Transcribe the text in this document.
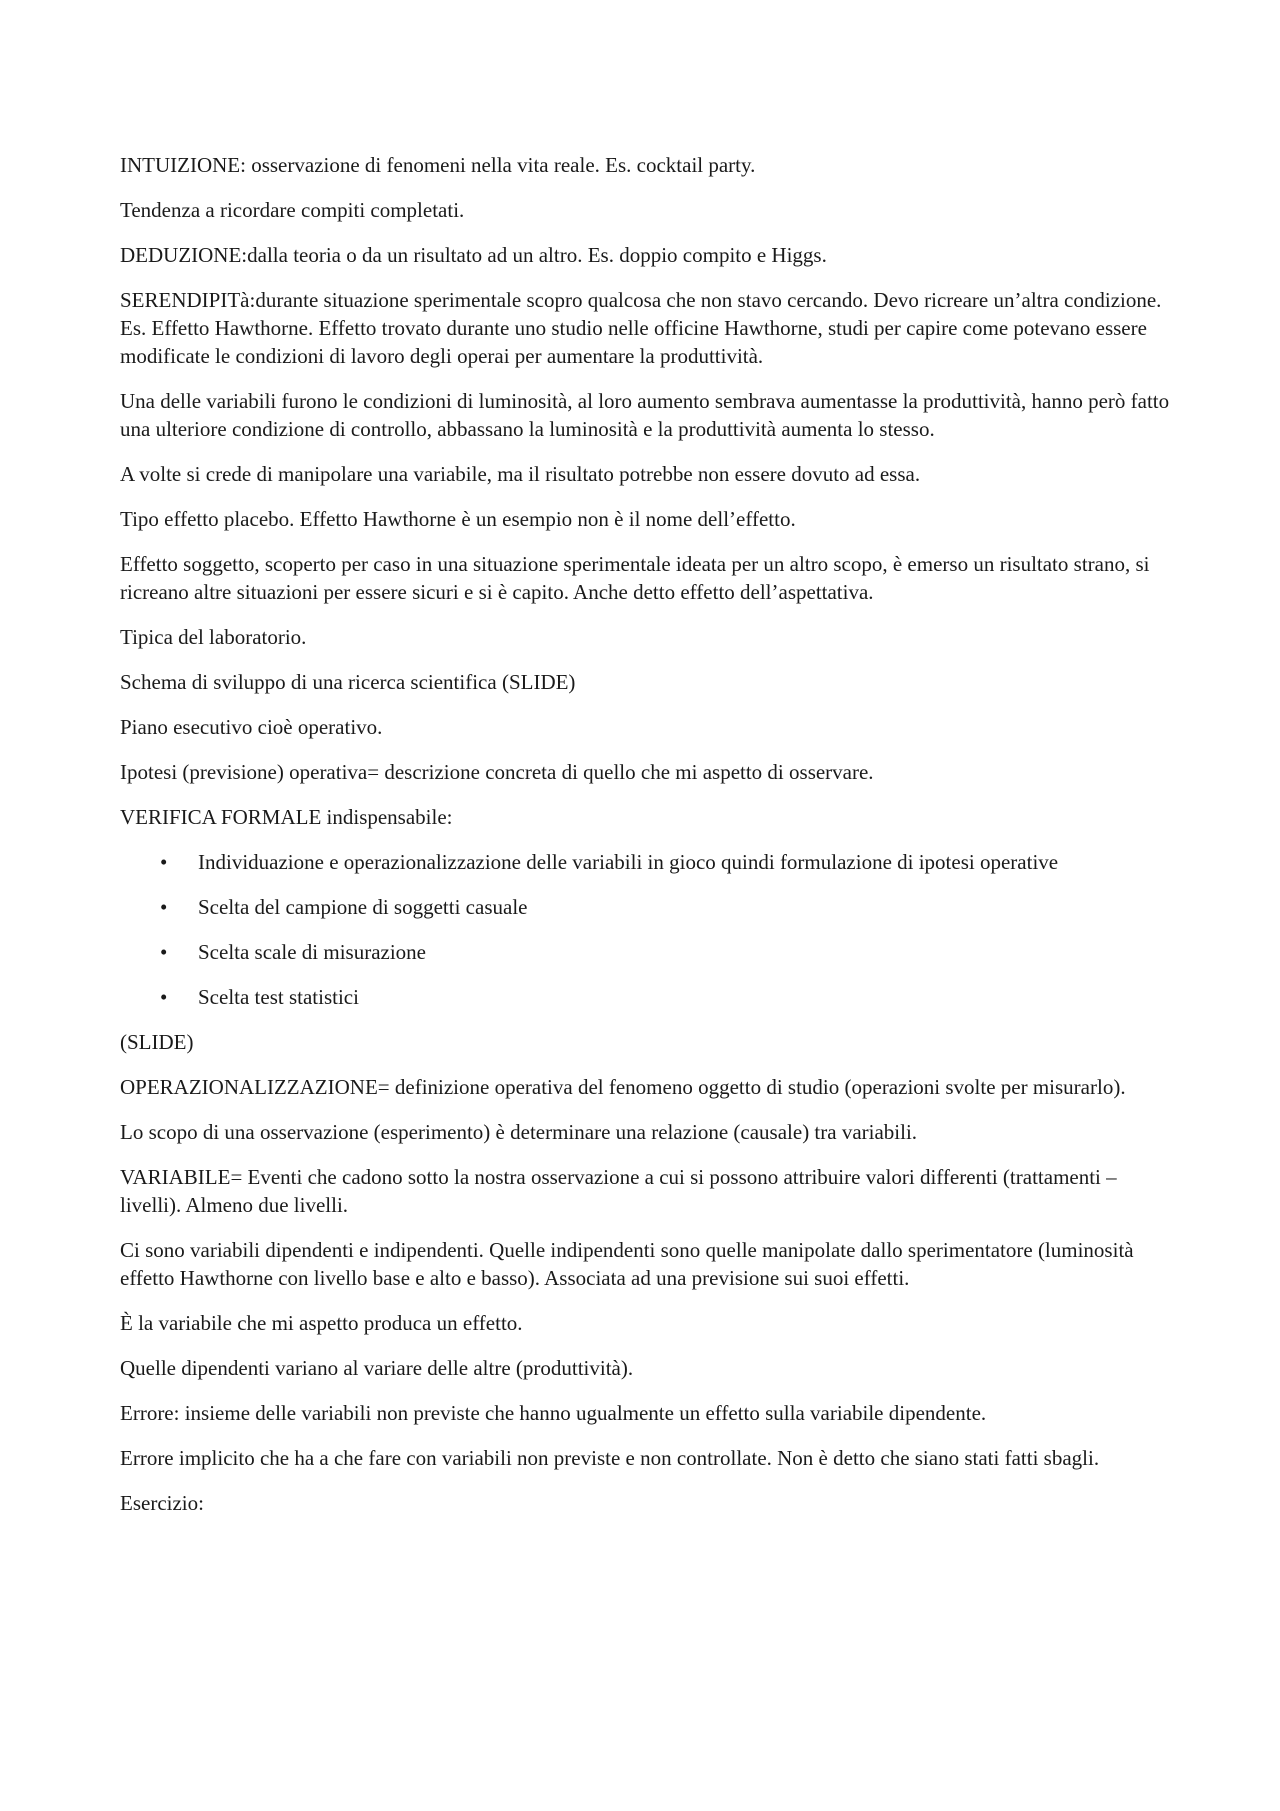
INTUIZIONE: osservazione di fenomeni nella vita reale. Es. cocktail party.

Tendenza a ricordare compiti completati.

DEDUZIONE:dalla teoria o da un risultato ad un altro. Es. doppio compito e Higgs.

SERENDIPITà:durante situazione sperimentale scopro qualcosa che non stavo cercando. Devo ricreare un’altra condizione. Es. Effetto Hawthorne. Effetto trovato durante uno studio nelle officine Hawthorne, studi per capire come potevano essere modificate le condizioni di lavoro degli operai per aumentare la produttività.

Una delle variabili furono le condizioni di luminosità, al loro aumento sembrava aumentasse la produttività, hanno però fatto una ulteriore condizione di controllo, abbassano la luminosità e la produttività aumenta lo stesso.

A volte si crede di manipolare una variabile, ma il risultato potrebbe non essere dovuto ad essa.

Tipo effetto placebo. Effetto Hawthorne è un esempio non è il nome dell’effetto.

Effetto soggetto, scoperto per caso in una situazione sperimentale ideata per un altro scopo, è emerso un risultato strano, si ricreano altre situazioni per essere sicuri e si è capito. Anche detto effetto dell’aspettativa.

Tipica del laboratorio.

Schema di sviluppo di una ricerca scientifica (SLIDE)

Piano esecutivo cioè operativo.

Ipotesi (previsione) operativa= descrizione concreta di quello che mi aspetto di osservare.

VERIFICA FORMALE indispensabile:

• Individuazione e operazionalizzazione delle variabili in gioco quindi formulazione di ipotesi operative
• Scelta del campione di soggetti casuale
• Scelta scale di misurazione
• Scelta test statistici

(SLIDE)

OPERAZIONALIZZAZIONE= definizione operativa del fenomeno oggetto di studio (operazioni svolte per misurarlo).

Lo scopo di una osservazione (esperimento) è determinare una relazione (causale) tra variabili.

VARIABILE= Eventi che cadono sotto la nostra osservazione a cui si possono attribuire valori differenti (trattamenti – livelli). Almeno due livelli.

Ci sono variabili dipendenti e indipendenti. Quelle indipendenti sono quelle manipolate dallo sperimentatore (luminosità effetto Hawthorne con livello base e alto e basso). Associata ad una previsione sui suoi effetti.

È la variabile che mi aspetto produca un effetto.

Quelle dipendenti variano al variare delle altre (produttività).

Errore: insieme delle variabili non previste che hanno ugualmente un effetto sulla variabile dipendente.

Errore implicito che ha a che fare con variabili non previste e non controllate. Non è detto che siano stati fatti sbagli.

Esercizio:
